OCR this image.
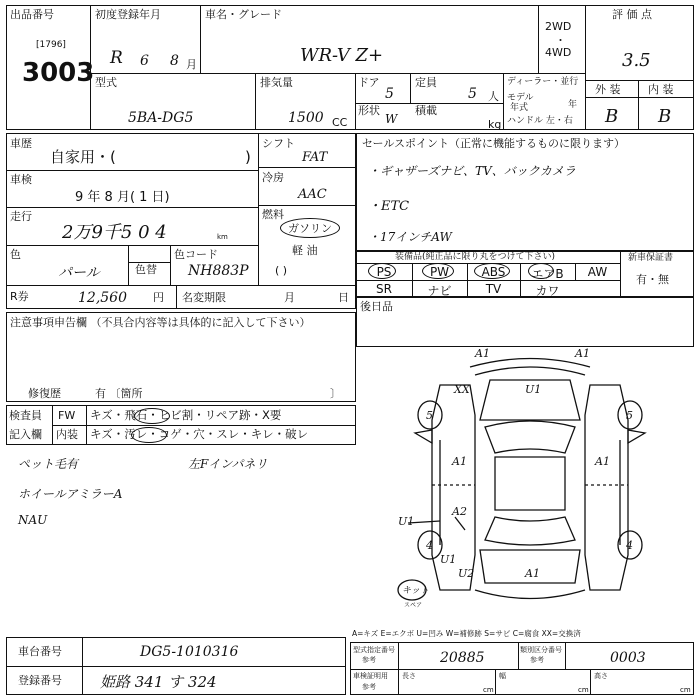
出品番号
[1796]
3003
初度登録年月
R 6 8 月
車名・グレード
WR-V Z+
2WD
・
4WD
評 価 点
3.5
型式
5BA-DG5
排気量
1500 CC
ドア
5
定員
5 人
ディーラー・並行
モデル
年式	年
ハンドル 左・右
形状
W
積載
kg
外 装	内 装
B B
車歴
自家用・(	)
車検
9 年 8 月( 1 日)
走行
2万9千5 0 4	km
色
パール	色替
色コード
NH883P
シフト
FAT
冷房
AAC
燃料
ガソリン
軽 油
( )
R券	12,560 円 名変期限	月	日
セールスポイント（正常に機能するものに限ります）
・ギャザーズナビ、TV、バックカメラ
・ETC
・17インチAW
装備品(純正品に限り丸をつけて下さい)
PS	PW	ABS	エアB	AW
SR	ナビ	TV	カワ
新車保証書
有・無
後日品
注意事項申告欄 （不具合内容等は具体的に記入して下さい）
修復歴	有 〔箇所	〕
検査員
記入欄
FW キズ・飛石・ヒビ割・リペア跡・X要
内装 キズ・汚レ・コゲ・穴・スレ・キレ・破レ
ペット毛有
ホイールアミラーA
NAU
左Fインパネリ
A1	A1
XX	U1
5	5
A1	A1
A2
U1
4	4
U1
U2	A1
キット
スペア
A=キズ E=エクボ U=凹み W=補修跡 S=サビ C=腐食 XX=交換済
車台番号	DG5-1010316
登録番号	姫路 341 す 324
型式指定番号
参考	20885	類別区分番号
参考	0003
車検証明用
参考
長さ
cm
幅
cm
高さ
cm
